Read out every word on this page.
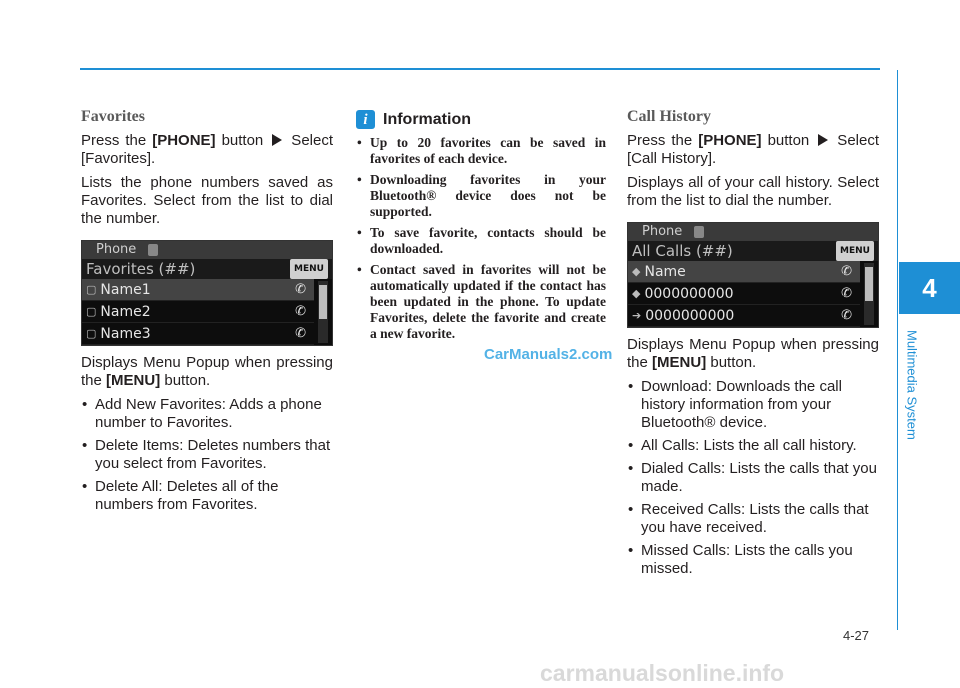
4
Multimedia System
Favorites
Press the [PHONE] button  Select [Favorites].
Lists the phone numbers saved as Favorites. Select from the list to dial the number.
Phone
Favorites (##)	MENU
▢ Name1	✆
▢ Name2	✆
▢ Name3	✆
Displays Menu Popup when pressing the [MENU] button.
• Add New Favorites: Adds a phone number to Favorites.
• Delete Items: Deletes numbers that you select from Favorites.
• Delete All: Deletes all of the numbers from Favorites.
i Information
• Up to 20 favorites can be saved in favorites of each device.
• Downloading favorites in your Bluetooth® device does not be supported.
• To save favorite, contacts should be downloaded.
• Contact saved in favorites will not be automatically updated if the contact has been updated in the phone. To update Favorites, delete the favorite and create a new favorite.
Call History
Press the [PHONE] button  Select [Call History].
Displays all of your call history. Select from the list to dial the number.
Phone
All Calls (##)	MENU
◆ Name	✆
◆ 0000000000	✆
➔ 0000000000	✆
Displays Menu Popup when pressing the [MENU] button.
• Download: Downloads the call history information from your Bluetooth® device.
• All Calls: Lists the all call history.
• Dialed Calls: Lists the calls that you made.
• Received Calls: Lists the calls that you have received.
• Missed Calls: Lists the calls you missed.
CarManuals2.com
4-27
carmanualsonline.info
